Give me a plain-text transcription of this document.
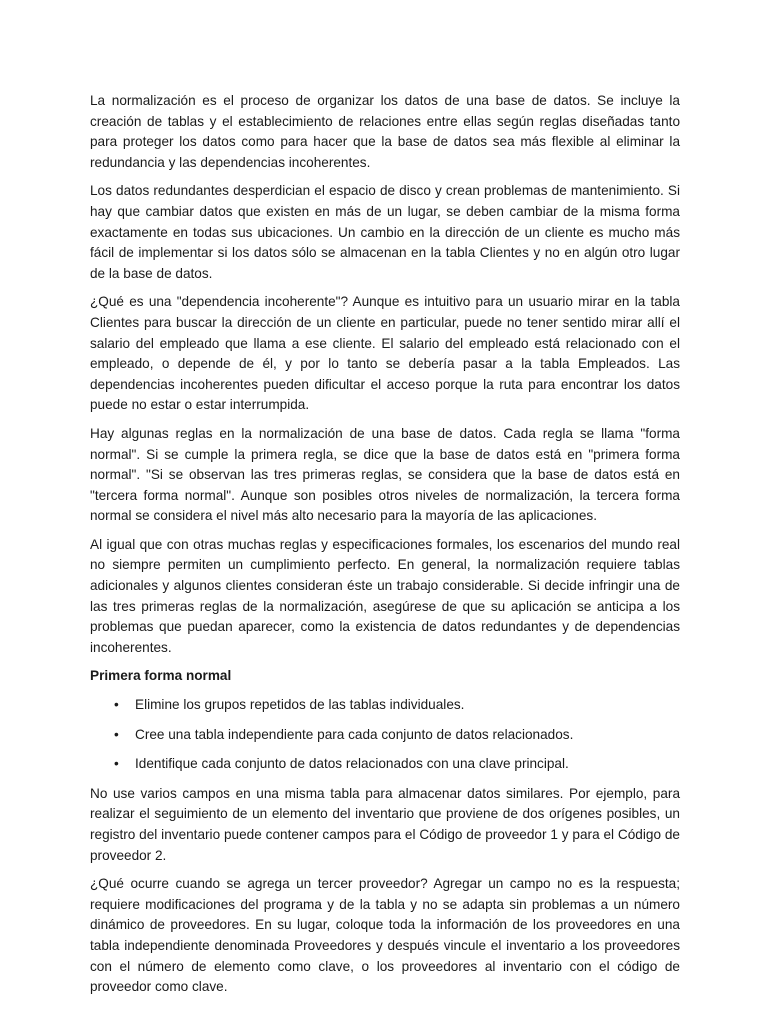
La normalización es el proceso de organizar los datos de una base de datos. Se incluye la creación de tablas y el establecimiento de relaciones entre ellas según reglas diseñadas tanto para proteger los datos como para hacer que la base de datos sea más flexible al eliminar la redundancia y las dependencias incoherentes.

Los datos redundantes desperdician el espacio de disco y crean problemas de mantenimiento. Si hay que cambiar datos que existen en más de un lugar, se deben cambiar de la misma forma exactamente en todas sus ubicaciones. Un cambio en la dirección de un cliente es mucho más fácil de implementar si los datos sólo se almacenan en la tabla Clientes y no en algún otro lugar de la base de datos.

¿Qué es una "dependencia incoherente"? Aunque es intuitivo para un usuario mirar en la tabla Clientes para buscar la dirección de un cliente en particular, puede no tener sentido mirar allí el salario del empleado que llama a ese cliente. El salario del empleado está relacionado con el empleado, o depende de él, y por lo tanto se debería pasar a la tabla Empleados. Las dependencias incoherentes pueden dificultar el acceso porque la ruta para encontrar los datos puede no estar o estar interrumpida.

Hay algunas reglas en la normalización de una base de datos. Cada regla se llama "forma normal". Si se cumple la primera regla, se dice que la base de datos está en "primera forma normal". "Si se observan las tres primeras reglas, se considera que la base de datos está en "tercera forma normal". Aunque son posibles otros niveles de normalización, la tercera forma normal se considera el nivel más alto necesario para la mayoría de las aplicaciones.

Al igual que con otras muchas reglas y especificaciones formales, los escenarios del mundo real no siempre permiten un cumplimiento perfecto. En general, la normalización requiere tablas adicionales y algunos clientes consideran éste un trabajo considerable. Si decide infringir una de las tres primeras reglas de la normalización, asegúrese de que su aplicación se anticipa a los problemas que puedan aparecer, como la existencia de datos redundantes y de dependencias incoherentes.

Primera forma normal
• Elimine los grupos repetidos de las tablas individuales.
• Cree una tabla independiente para cada conjunto de datos relacionados.
• Identifique cada conjunto de datos relacionados con una clave principal.

No use varios campos en una misma tabla para almacenar datos similares. Por ejemplo, para realizar el seguimiento de un elemento del inventario que proviene de dos orígenes posibles, un registro del inventario puede contener campos para el Código de proveedor 1 y para el Código de proveedor 2.

¿Qué ocurre cuando se agrega un tercer proveedor? Agregar un campo no es la respuesta; requiere modificaciones del programa y de la tabla y no se adapta sin problemas a un número dinámico de proveedores. En su lugar, coloque toda la información de los proveedores en una tabla independiente denominada Proveedores y después vincule el inventario a los proveedores con el número de elemento como clave, o los proveedores al inventario con el código de proveedor como clave.
